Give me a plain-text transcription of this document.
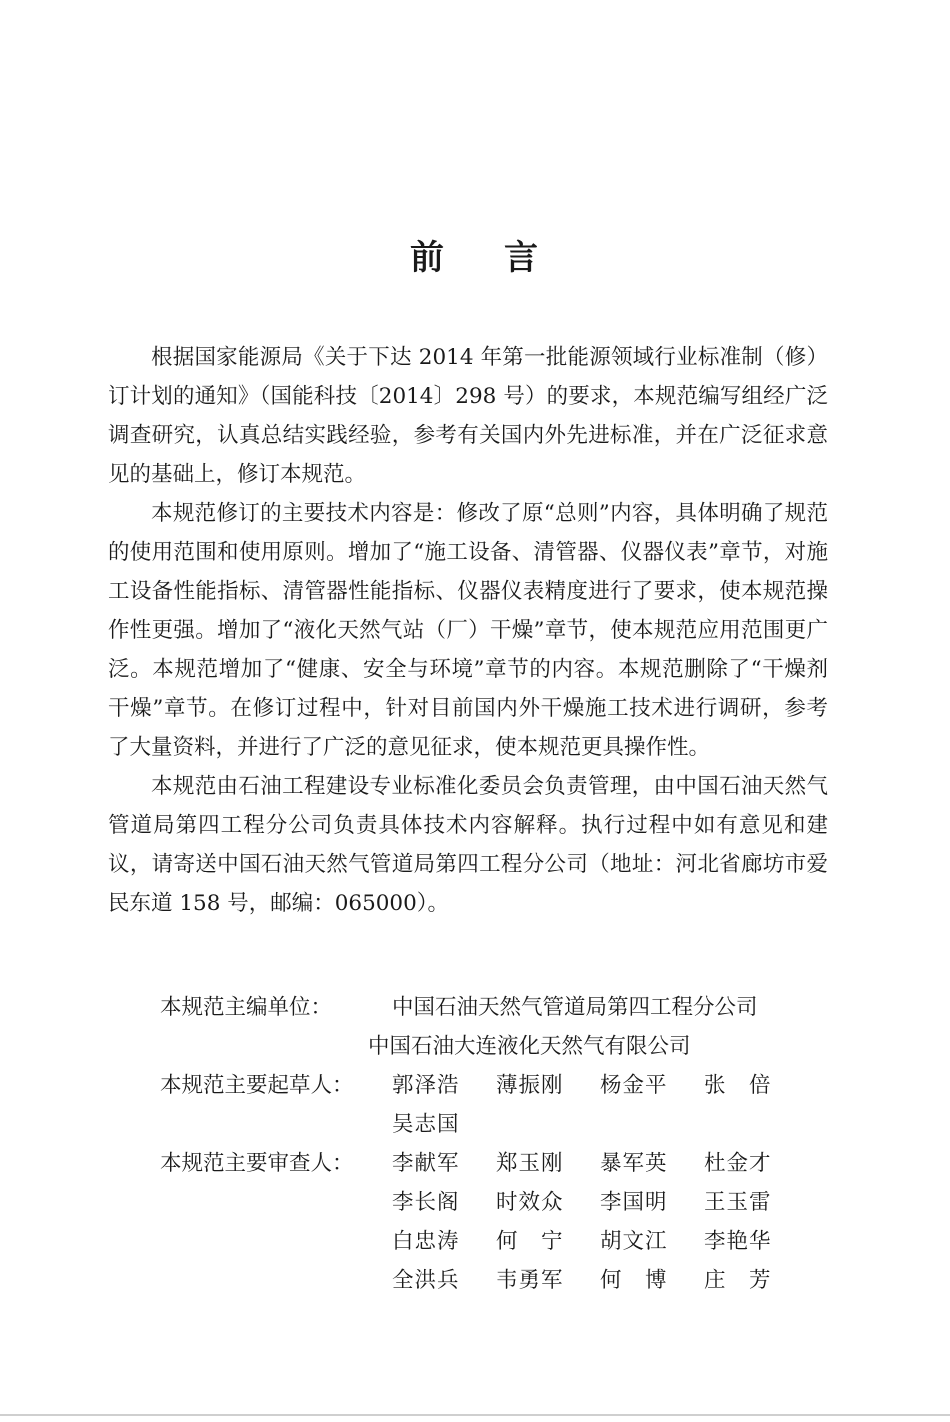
前 言

根据国家能源局《关于下达 2014 年第一批能源领域行业标准制（修）订计划的通知》（国能科技〔2014〕298 号）的要求，本规范编写组经广泛调查研究，认真总结实践经验，参考有关国内外先进标准，并在广泛征求意见的基础上，修订本规范。

本规范修订的主要技术内容是：修改了原“总则”内容，具体明确了规范的使用范围和使用原则。增加了“施工设备、清管器、仪器仪表”章节，对施工设备性能指标、清管器性能指标、仪器仪表精度进行了要求，使本规范操作性更强。增加了“液化天然气站（厂）干燥”章节，使本规范应用范围更广泛。本规范增加了“健康、安全与环境”章节的内容。本规范删除了“干燥剂干燥”章节。在修订过程中，针对目前国内外干燥施工技术进行调研，参考了大量资料，并进行了广泛的意见征求，使本规范更具操作性。

本规范由石油工程建设专业标准化委员会负责管理，由中国石油天然气管道局第四工程分公司负责具体技术内容解释。执行过程中如有意见和建议，请寄送中国石油天然气管道局第四工程分公司（地址：河北省廊坊市爱民东道 158 号，邮编：065000）。

本规范主编单位：	中国石油天然气管道局第四工程分公司
中国石油大连液化天然气有限公司
本规范主要起草人：	郭泽浩	薄振刚	杨金平	张　倍
吴志国
本规范主要审查人：	李献军	郑玉刚	暴军英	杜金才
李长阁	时效众	李国明	王玉雷
白忠涛	何　宁	胡文江	李艳华
全洪兵	韦勇军	何　博	庄　芳
